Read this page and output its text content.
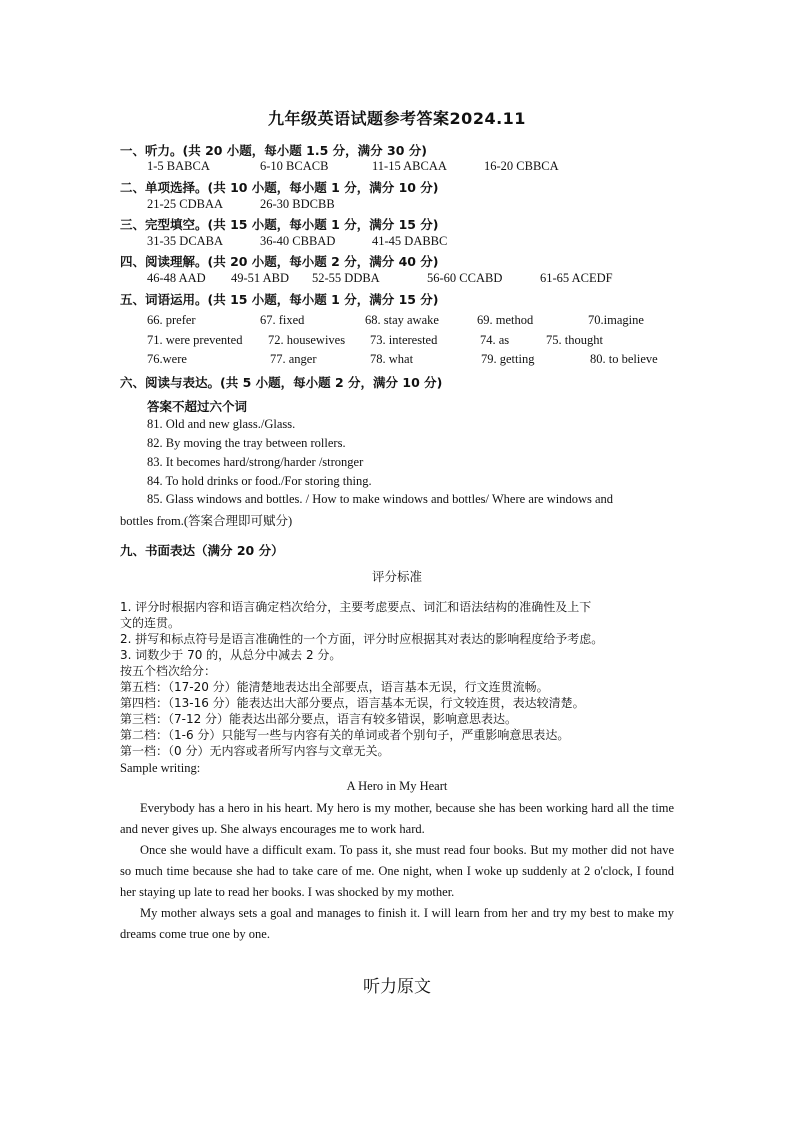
九年级英语试题参考答案2024.11
一、听力。(共 20 小题，每小题 1.5 分，满分 30 分)
1-5 BABCA	6-10 BCACB	11-15 ABCAA	16-20 CBBCA
二、单项选择。(共 10 小题，每小题 1 分，满分 10 分)
21-25 CDBAA	26-30 BDCBB
三、完型填空。(共 15 小题，每小题 1 分，满分 15 分)
31-35 DCABA	36-40 CBBAD	41-45 DABBC
四、阅读理解。(共 20 小题，每小题 2 分，满分 40 分)
46-48 AAD 49-51 ABD 52-55 DDBA	56-60 CCABD	61-65 ACEDF
五、词语运用。(共 15 小题，每小题 1 分，满分 15 分)
66. prefer	67. fixed	68. stay awake	69. method	70.imagine
71. were prevented 72. housewives 73. interested	74. as	75. thought
76.were	77. anger	78. what	79. getting	80. to believe
六、阅读与表达。(共 5 小题，每小题 2 分，满分 10 分)
答案不超过六个词
81. Old and new glass./Glass.
82. By moving the tray between rollers.
83. It becomes hard/strong/harder /stronger
84. To hold drinks or food./For storing thing.
85. Glass windows and bottles. / How to make windows and bottles/ Where are windows and
bottles from.(答案合理即可赋分)
九、书面表达（满分 20 分）
评分标准
1. 评分时根据内容和语言确定档次给分，主要考虑要点、词汇和语法结构的准确性及上下
文的连贯。
2. 拼写和标点符号是语言准确性的一个方面，评分时应根据其对表达的影响程度给予考虑。
3. 词数少于 70 的，从总分中减去 2 分。
按五个档次给分：
第五档：（17-20 分）能清楚地表达出全部要点，语言基本无误，行文连贯流畅。
第四档：（13-16 分）能表达出大部分要点，语言基本无误，行文较连贯，表达较清楚。
第三档：（7-12 分）能表达出部分要点，语言有较多错误，影响意思表达。
第二档：（1-6 分）只能写一些与内容有关的单词或者个别句子，严重影响意思表达。
第一档：（0 分）无内容或者所写内容与文章无关。
Sample writing:
A Hero in My Heart
Everybody has a hero in his heart. My hero is my mother, because she has been working hard all the time and never gives up. She always encourages me to work hard.
Once she would have a difficult exam. To pass it, she must read four books. But my mother did not have so much time because she had to take care of me. One night, when I woke up suddenly at 2 o'clock, I found her staying up late to read her books. I was shocked by my mother.
My mother always sets a goal and manages to finish it. I will learn from her and try my best to make my dreams come true one by one.
听力原文
